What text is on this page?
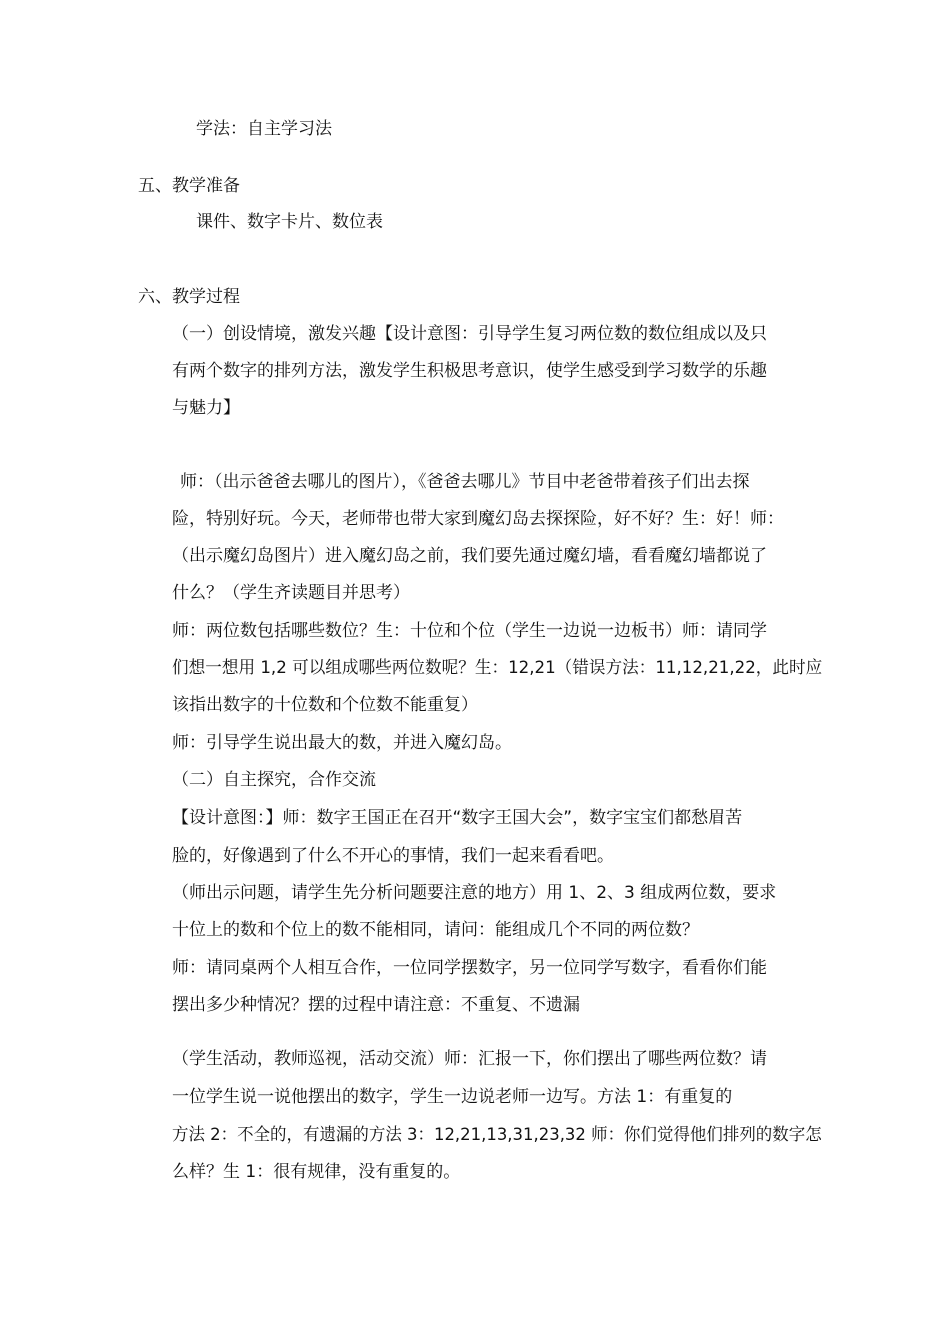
学法：自主学习法
五、教学准备
课件、数字卡片、数位表
六、教学过程
（一）创设情境，激发兴趣【设计意图：引导学生复习两位数的数位组成以及只
有两个数字的排列方法，激发学生积极思考意识，使学生感受到学习数学的乐趣
与魅力】
师：（出示爸爸去哪儿的图片），《爸爸去哪儿》节目中老爸带着孩子们出去探
险，特别好玩。今天，老师带也带大家到魔幻岛去探探险，好不好？生：好！师：
（出示魔幻岛图片）进入魔幻岛之前，我们要先通过魔幻墙，看看魔幻墙都说了
什么？（学生齐读题目并思考）
师：两位数包括哪些数位？生：十位和个位（学生一边说一边板书）师：请同学
们想一想用 1,2 可以组成哪些两位数呢？生：12,21（错误方法：11,12,21,22，此时应
该指出数字的十位数和个位数不能重复）
师：引导学生说出最大的数，并进入魔幻岛。
（二）自主探究，合作交流
【设计意图：】师：数字王国正在召开“数字王国大会”，数字宝宝们都愁眉苦
脸的，好像遇到了什么不开心的事情，我们一起来看看吧。
（师出示问题，请学生先分析问题要注意的地方）用 1、2、3 组成两位数，要求
十位上的数和个位上的数不能相同，请问：能组成几个不同的两位数？
师：请同桌两个人相互合作，一位同学摆数字，另一位同学写数字，看看你们能
摆出多少种情况？摆的过程中请注意：不重复、不遗漏
（学生活动，教师巡视，活动交流）师：汇报一下，你们摆出了哪些两位数？请
一位学生说一说他摆出的数字，学生一边说老师一边写。方法 1：有重复的
方法 2：不全的，有遗漏的方法 3：12,21,13,31,23,32 师：你们觉得他们排列的数字怎
么样？生 1：很有规律，没有重复的。
